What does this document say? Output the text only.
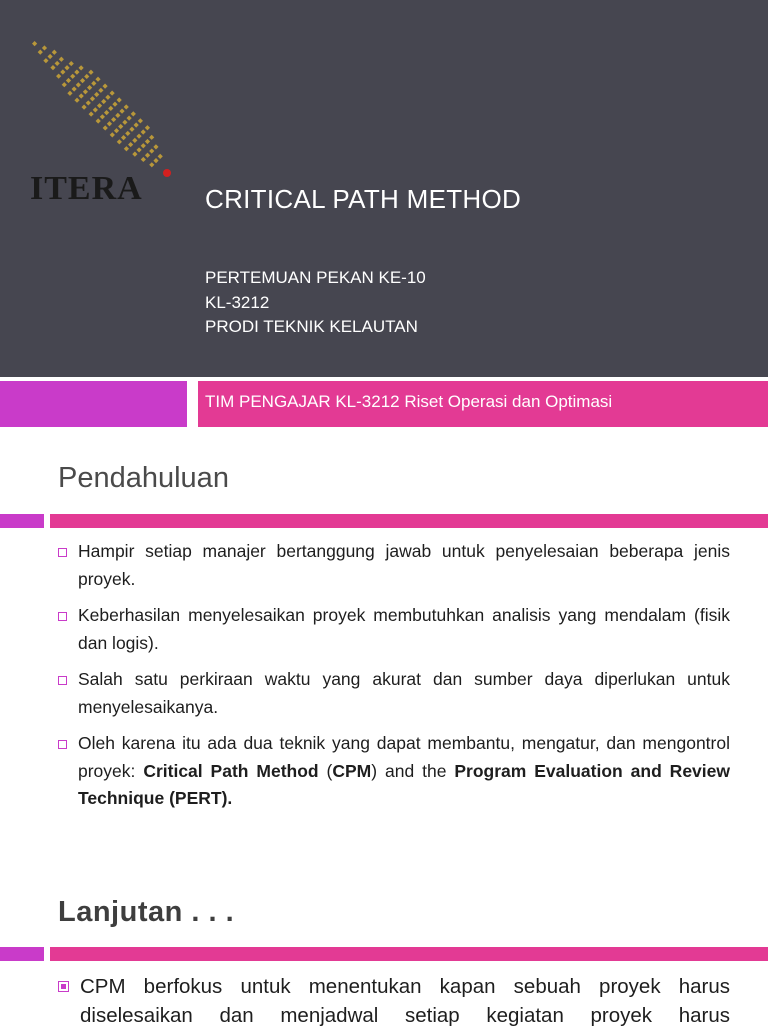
ITERA CRITICAL PATH METHOD
PERTEMUAN PEKAN KE-10
KL-3212
PRODI TEKNIK KELAUTAN
TIM PENGAJAR KL-3212 Riset Operasi dan Optimasi
Pendahuluan
Hampir setiap manajer bertanggung jawab untuk penyelesaian beberapa jenis proyek.
Keberhasilan menyelesaikan proyek membutuhkan analisis yang mendalam (fisik dan logis).
Salah satu perkiraan waktu yang akurat dan sumber daya diperlukan untuk menyelesaikanya.
Oleh karena itu ada dua teknik yang dapat membantu, mengatur, dan mengontrol proyek: Critical Path Method (CPM) and the Program Evaluation and Review Technique (PERT).
Lanjutan . . .
CPM berfokus untuk menentukan kapan sebuah proyek harus diselesaikan dan menjadwal setiap kegiatan proyek harus
